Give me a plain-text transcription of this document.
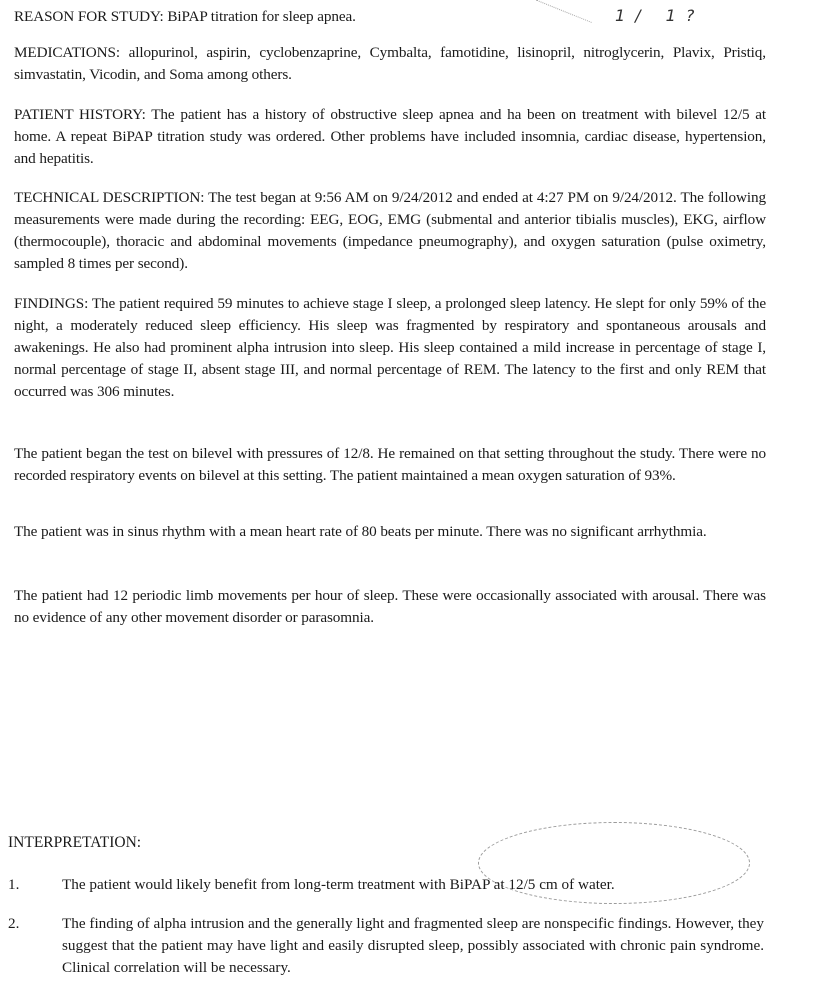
1/ 1?
REASON FOR STUDY: BiPAP titration for sleep apnea.
MEDICATIONS: allopurinol, aspirin, cyclobenzaprine, Cymbalta, famotidine, lisinopril, nitroglycerin, Plavix, Pristiq, simvastatin, Vicodin, and Soma among others.
PATIENT HISTORY: The patient has a history of obstructive sleep apnea and ha been on treatment with bilevel 12/5 at home. A repeat BiPAP titration study was ordered. Other problems have included insomnia, cardiac disease, hypertension, and hepatitis.
TECHNICAL DESCRIPTION: The test began at 9:56 AM on 9/24/2012 and ended at 4:27 PM on 9/24/2012. The following measurements were made during the recording: EEG, EOG, EMG (submental and anterior tibialis muscles), EKG, airflow (thermocouple), thoracic and abdominal movements (impedance pneumography), and oxygen saturation (pulse oximetry, sampled 8 times per second).
FINDINGS: The patient required 59 minutes to achieve stage I sleep, a prolonged sleep latency. He slept for only 59% of the night, a moderately reduced sleep efficiency. His sleep was fragmented by respiratory and spontaneous arousals and awakenings. He also had prominent alpha intrusion into sleep. His sleep contained a mild increase in percentage of stage I, normal percentage of stage II, absent stage III, and normal percentage of REM. The latency to the first and only REM that occurred was 306 minutes.
The patient began the test on bilevel with pressures of 12/8. He remained on that setting throughout the study. There were no recorded respiratory events on bilevel at this setting. The patient maintained a mean oxygen saturation of 93%.
The patient was in sinus rhythm with a mean heart rate of 80 beats per minute. There was no significant arrhythmia.
The patient had 12 periodic limb movements per hour of sleep. These were occasionally associated with arousal. There was no evidence of any other movement disorder or parasomnia.
INTERPRETATION:
1.	The patient would likely benefit from long-term treatment with BiPAP at 12/5 cm of water.
2.	The finding of alpha intrusion and the generally light and fragmented sleep are nonspecific findings. However, they suggest that the patient may have light and easily disrupted sleep, possibly associated with chronic pain syndrome. Clinical correlation will be necessary.
